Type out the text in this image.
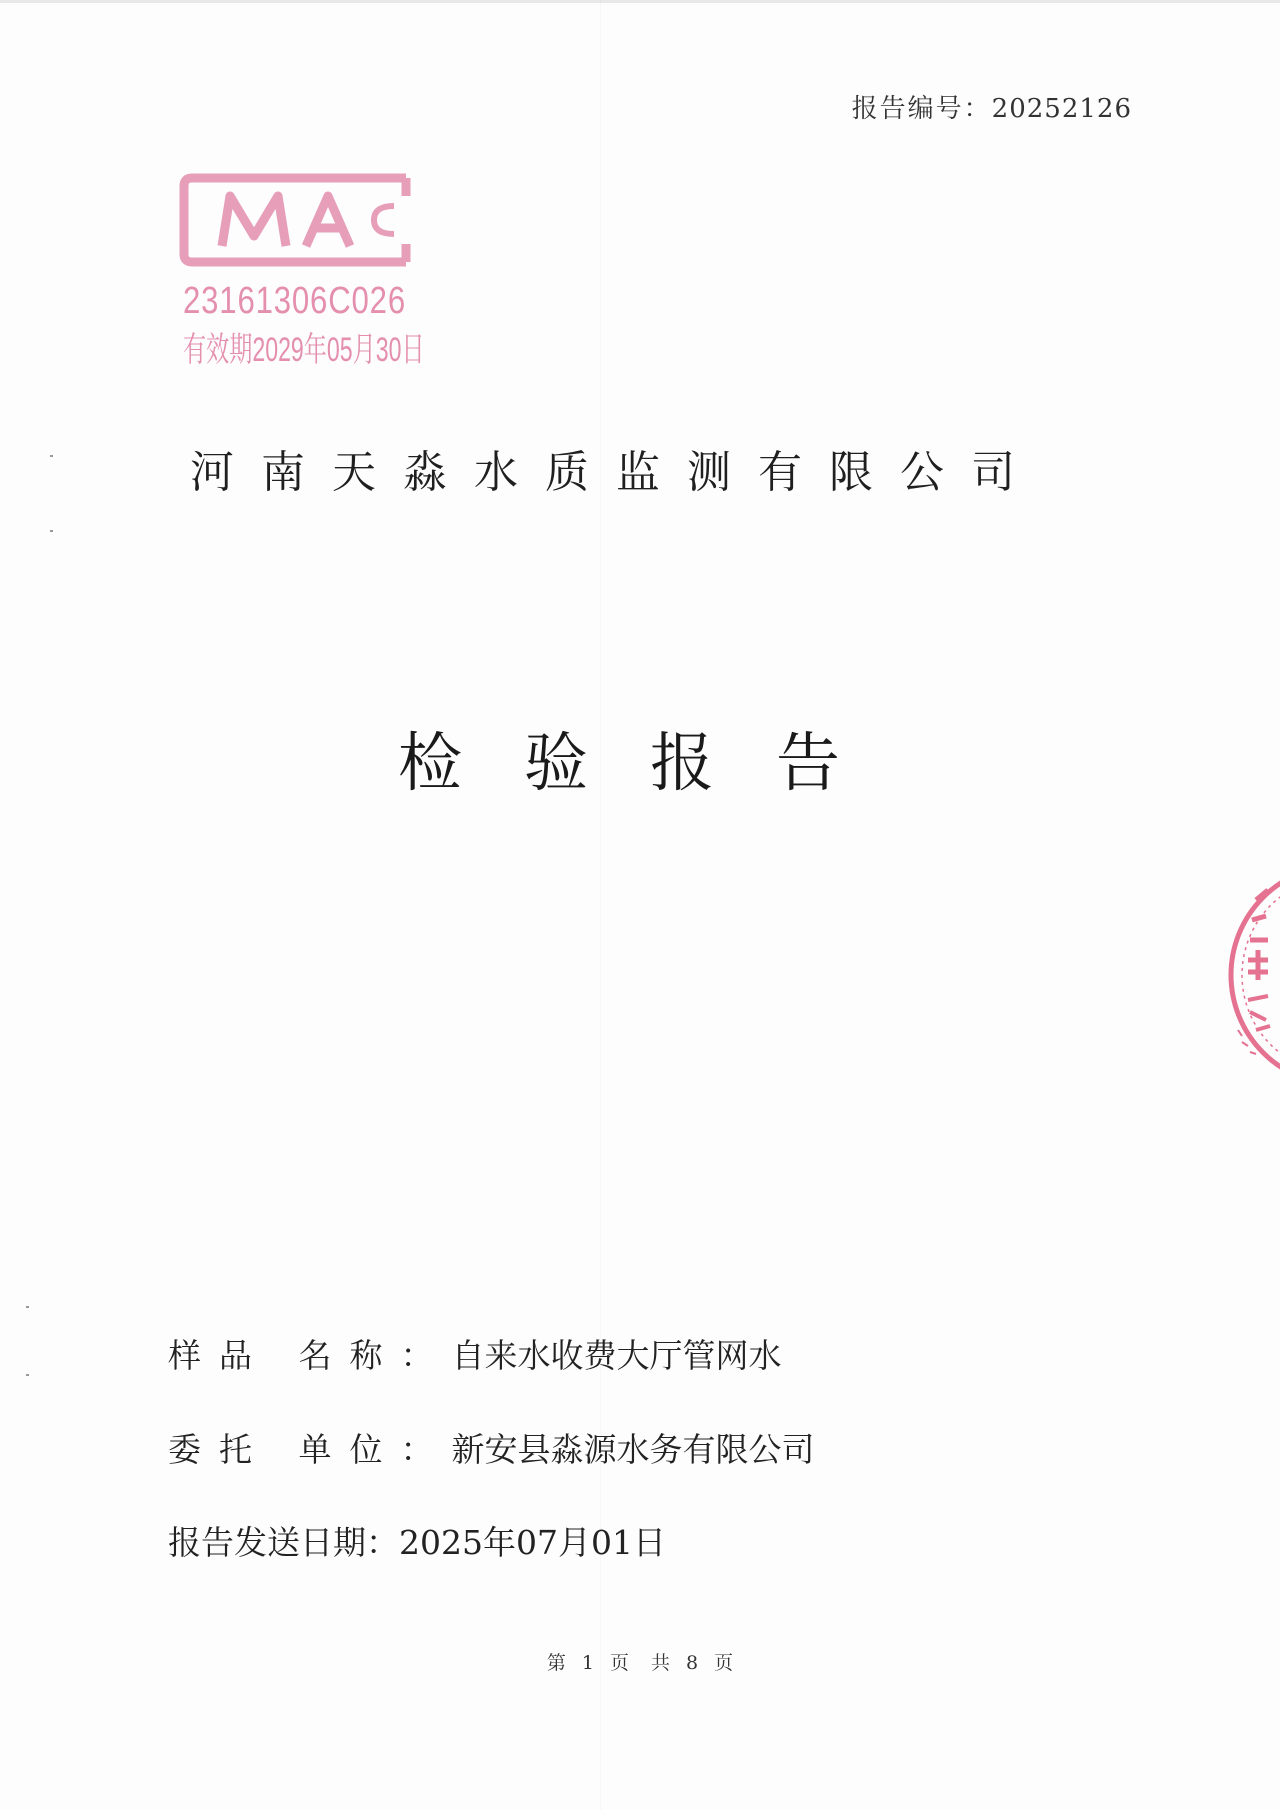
报告编号：20252126
23161306C026
有效期2029年05月30日
河南天淼水质监测有限公司
检验报告
样品 名称：自来水收费大厅管网水
委托 单位：新安县淼源水务有限公司
报告发送日期：2025年07月01日
第 1 页 共 8 页
